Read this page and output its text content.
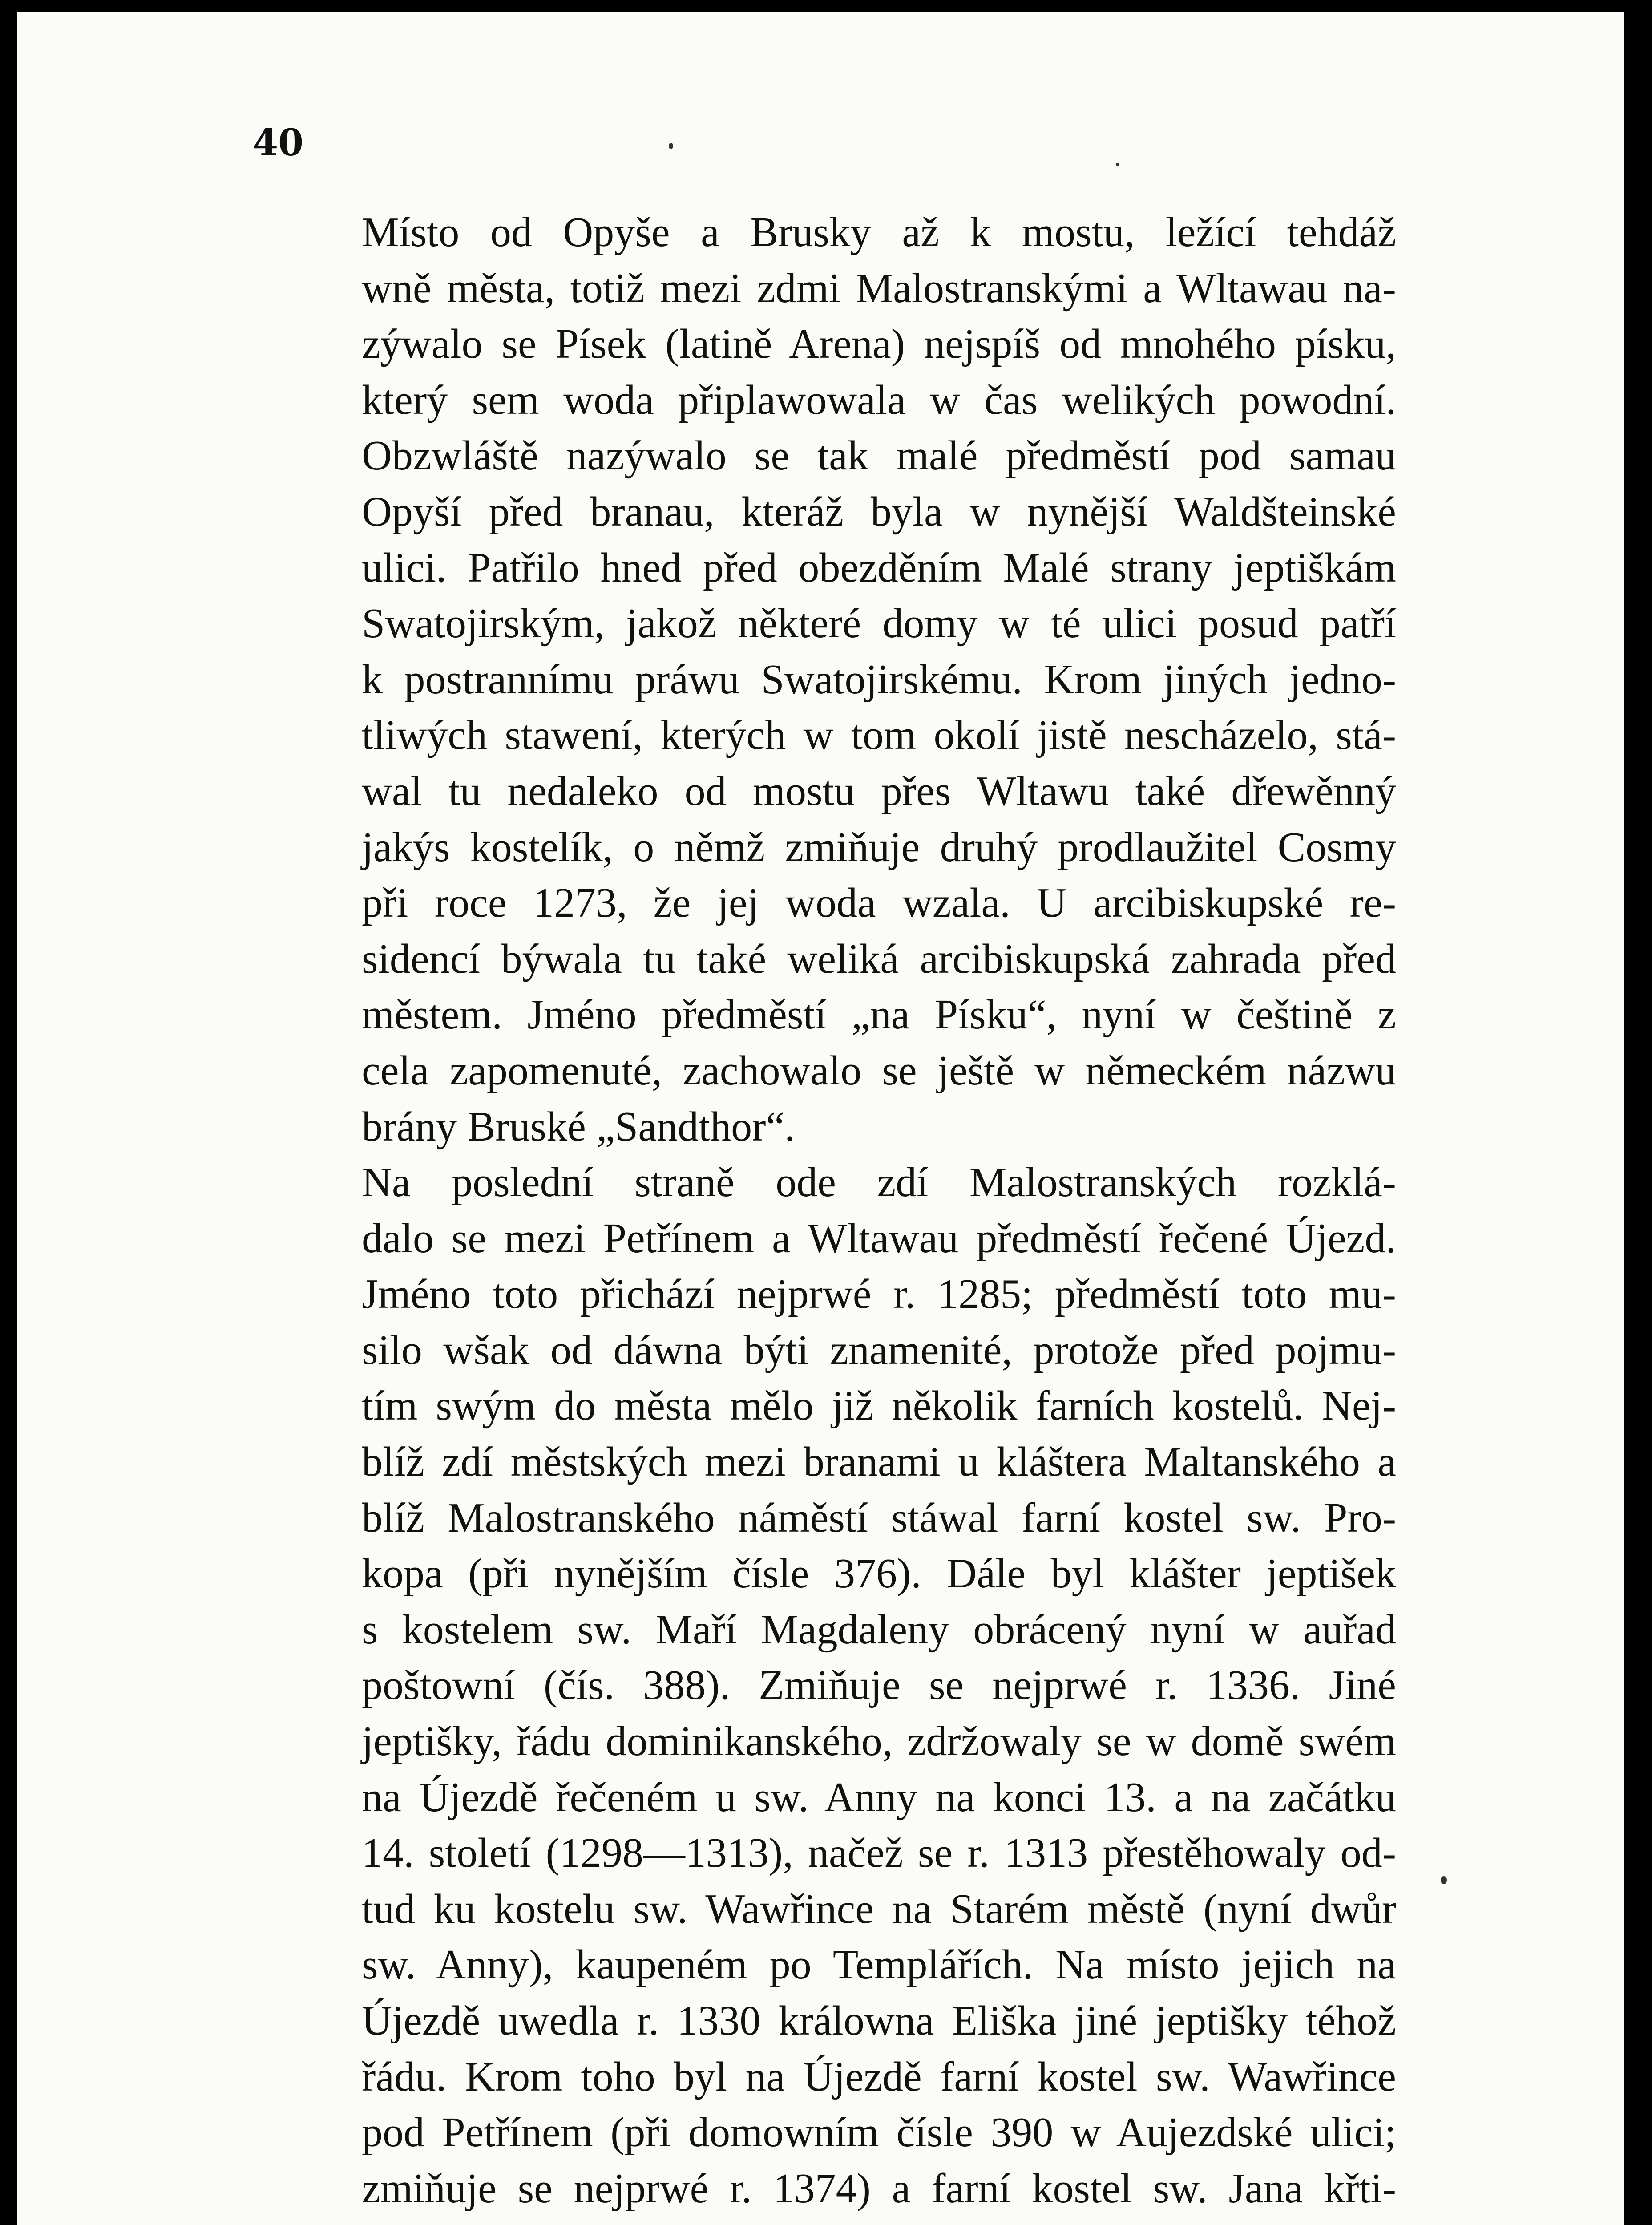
40
Místo od Opyše a Brusky až k mostu, ležící tehdáž
wně města, totiž mezi zdmi Malostranskými a Wltawau na-
zýwalo se Písek (latině Arena) nejspíš od mnohého písku,
který sem woda připlawowala w čas welikých powodní.
Obzwláště nazýwalo se tak malé předměstí pod samau
Opyší před branau, kteráž byla w nynější Waldšteinské
ulici. Patřilo hned před obezděním Malé strany jeptiškám
Swatojirským, jakož některé domy w té ulici posud patří
k postrannímu práwu Swatojirskému. Krom jiných jedno-
tliwých stawení, kterých w tom okolí jistě nescházelo, stá-
wal tu nedaleko od mostu přes Wltawu také dřewěnný
jakýs kostelík, o němž zmiňuje druhý prodlaužitel Cosmy
při roce 1273, že jej woda wzala. U arcibiskupské re-
sidencí býwala tu také weliká arcibiskupská zahrada před
městem. Jméno předměstí „na Písku“, nyní w češtině z
cela zapomenuté, zachowalo se ještě w německém názwu
brány Bruské „Sandthor“.
Na poslední straně ode zdí Malostranských rozklá-
dalo se mezi Petřínem a Wltawau předměstí řečené Újezd.
Jméno toto přichází nejprwé r. 1285; předměstí toto mu-
silo wšak od dáwna býti znamenité, protože před pojmu-
tím swým do města mělo již několik farních kostelů. Nej-
blíž zdí městských mezi branami u kláštera Maltanského a
blíž Malostranského náměstí stáwal farní kostel sw. Pro-
kopa (při nynějším čísle 376). Dále byl klášter jeptišek
s kostelem sw. Maří Magdaleny obrácený nyní w auřad
poštowní (čís. 388). Zmiňuje se nejprwé r. 1336. Jiné
jeptišky, řádu dominikanského, zdržowaly se w domě swém
na Újezdě řečeném u sw. Anny na konci 13. a na začátku
14. století (1298—1313), načež se r. 1313 přestěhowaly od-
tud ku kostelu sw. Wawřince na Starém městě (nyní dwůr
sw. Anny), kaupeném po Templářích. Na místo jejich na
Újezdě uwedla r. 1330 králowna Eliška jiné jeptišky téhož
řádu. Krom toho byl na Újezdě farní kostel sw. Wawřince
pod Petřínem (při domowním čísle 390 w Aujezdské ulici;
zmiňuje se nejprwé r. 1374) a farní kostel sw. Jana křti-
